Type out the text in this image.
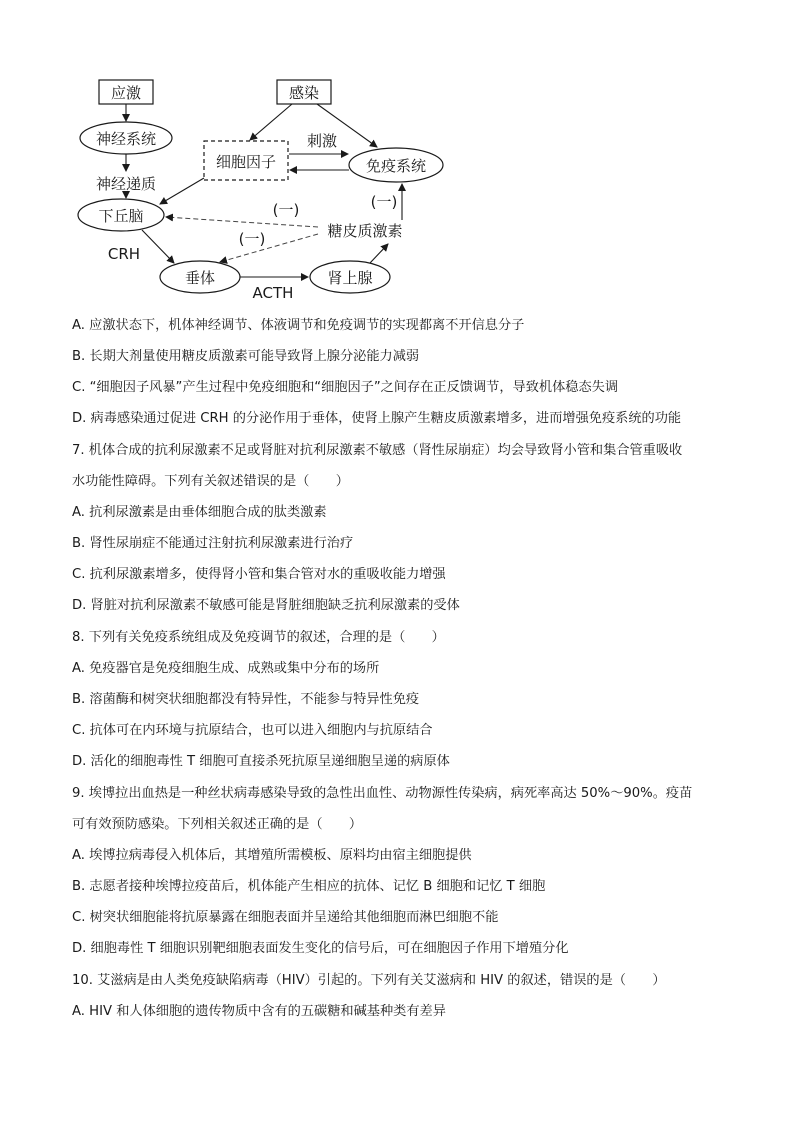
应激	感染
神经系统
神经递质
细胞因子
刺激
免疫系统
下丘脑	(一)	(一)
糖皮质激素
(一)
CRH
垂体
ACTH
肾上腺
A. 应激状态下，机体神经调节、体液调节和免疫调节的实现都离不开信息分子
B. 长期大剂量使用糖皮质激素可能导致肾上腺分泌能力减弱
C. “细胞因子风暴”产生过程中免疫细胞和“细胞因子”之间存在正反馈调节，导致机体稳态失调
D. 病毒感染通过促进 CRH 的分泌作用于垂体，使肾上腺产生糖皮质激素增多，进而增强免疫系统的功能
7. 机体合成的抗利尿激素不足或肾脏对抗利尿激素不敏感（肾性尿崩症）均会导致肾小管和集合管重吸收
水功能性障碍。下列有关叙述错误的是（　　）
A. 抗利尿激素是由垂体细胞合成的肽类激素
B. 肾性尿崩症不能通过注射抗利尿激素进行治疗
C. 抗利尿激素增多，使得肾小管和集合管对水的重吸收能力增强
D. 肾脏对抗利尿激素不敏感可能是肾脏细胞缺乏抗利尿激素的受体
8. 下列有关免疫系统组成及免疫调节的叙述，合理的是（　　）
A. 免疫器官是免疫细胞生成、成熟或集中分布的场所
B. 溶菌酶和树突状细胞都没有特异性，不能参与特异性免疫
C. 抗体可在内环境与抗原结合，也可以进入细胞内与抗原结合
D. 活化的细胞毒性 T 细胞可直接杀死抗原呈递细胞呈递的病原体
9. 埃博拉出血热是一种丝状病毒感染导致的急性出血性、动物源性传染病，病死率高达 50%～90%。疫苗
可有效预防感染。下列相关叙述正确的是（　　）
A. 埃博拉病毒侵入机体后，其增殖所需模板、原料均由宿主细胞提供
B. 志愿者接种埃博拉疫苗后，机体能产生相应的抗体、记忆 B 细胞和记忆 T 细胞
C. 树突状细胞能将抗原暴露在细胞表面并呈递给其他细胞而淋巴细胞不能
D. 细胞毒性 T 细胞识别靶细胞表面发生变化的信号后，可在细胞因子作用下增殖分化
10. 艾滋病是由人类免疫缺陷病毒（HIV）引起的。下列有关艾滋病和 HIV 的叙述，错误的是（　　）
A. HIV 和人体细胞的遗传物质中含有的五碳糖和碱基种类有差异
